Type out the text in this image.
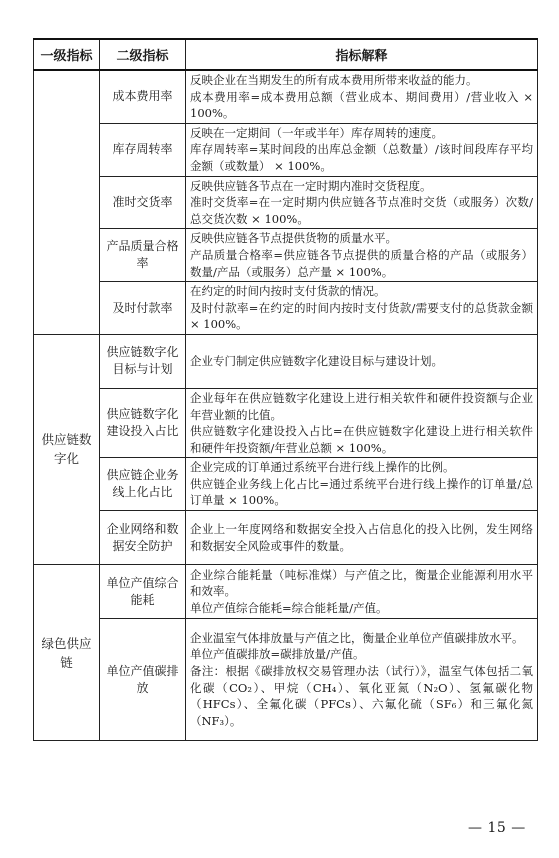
一级指标	二级指标	指标解释
	成本费用率	反映企业在当期发生的所有成本费用所带来收益的能力。
成本费用率=成本费用总额（营业成本、期间费用）/营业收入 × 100%。

	库存周转率	反映在一定期间（一年或半年）库存周转的速度。
库存周转率=某时间段的出库总金额（总数量）/该时间段库存平均金额（或数量） × 100%。

	准时交货率	反映供应链各节点在一定时期内准时交货程度。
准时交货率=在一定时期内供应链各节点准时交货（或服务）次数/总交货次数 × 100%。

	产品质量合格率	反映供应链各节点提供货物的质量水平。
产品质量合格率=供应链各节点提供的质量合格的产品（或服务）数量/产品（或服务）总产量 × 100%。

	及时付款率	在约定的时间内按时支付货款的情况。
及时付款率=在约定的时间内按时支付货款/需要支付的总货款金额 × 100%。

供应链数字化	供应链数字化目标与计划	企业专门制定供应链数字化建设目标与建设计划。

	供应链数字化建设投入占比	企业每年在供应链数字化建设上进行相关软件和硬件投资额与企业年营业额的比值。
供应链数字化建设投入占比=在供应链数字化建设上进行相关软件和硬件年投资额/年营业总额 × 100%。

	供应链企业务线上化占比	企业完成的订单通过系统平台进行线上操作的比例。
供应链企业务线上化占比=通过系统平台进行线上操作的订单量/总订单量 × 100%。

	企业网络和数据安全防护	企业上一年度网络和数据安全投入占信息化的投入比例，发生网络和数据安全风险或事件的数量。

绿色供应链	单位产值综合能耗	企业综合能耗量（吨标准煤）与产值之比，衡量企业能源利用水平和效率。
单位产值综合能耗=综合能耗量/产值。

	单位产值碳排放	企业温室气体排放量与产值之比，衡量企业单位产值碳排放水平。
单位产值碳排放=碳排放量/产值。
备注：根据《碳排放权交易管理办法（试行）》，温室气体包括二氧化碳（CO₂）、甲烷（CH₄）、氧化亚氮（N₂O）、氢氟碳化物（HFCs）、全氟化碳（PFCs）、六氟化硫（SF₆）和三氟化氮（NF₃）。
— 15 —
